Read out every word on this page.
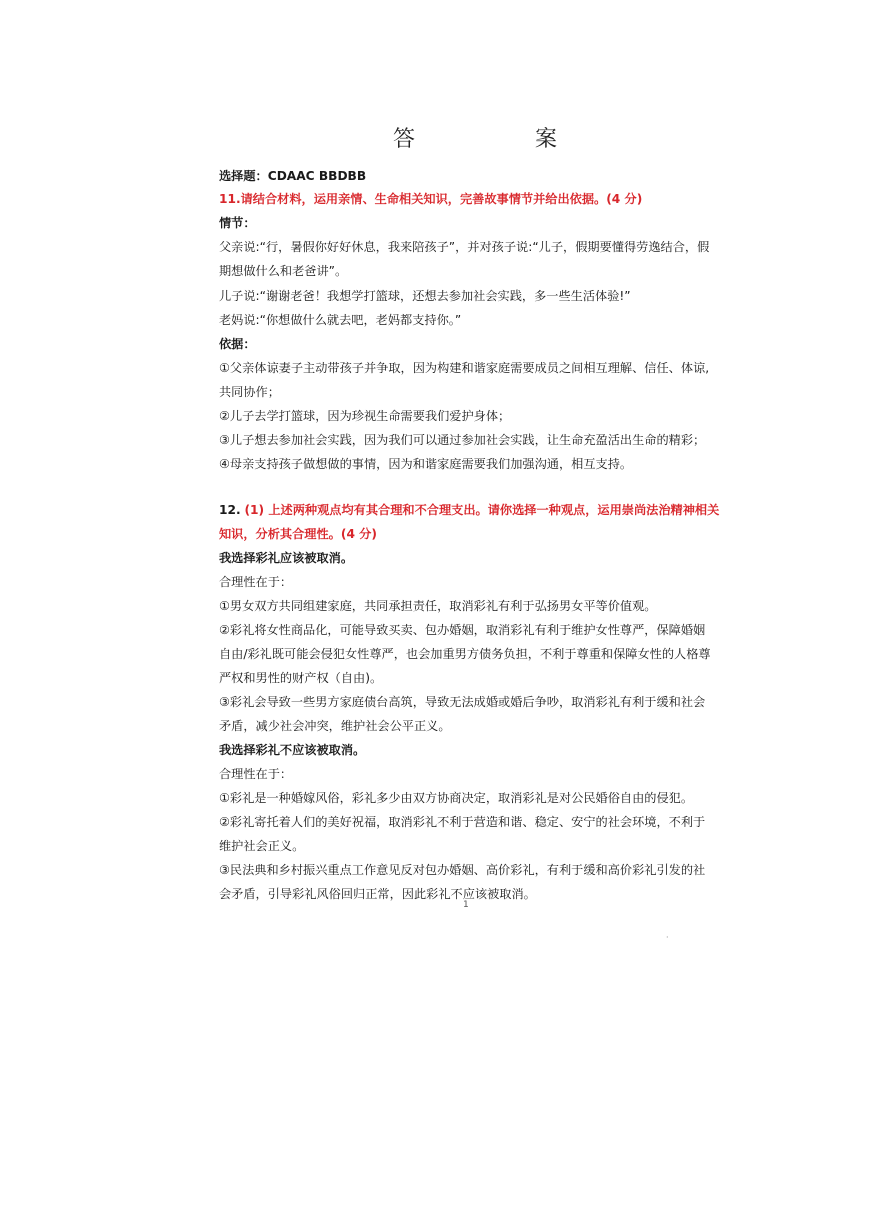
答	案
选择题：CDAAC BBDBB
11.请结合材料，运用亲情、生命相关知识，完善故事情节并给出依据。(4 分)
情节：
父亲说:“行，暑假你好好休息，我来陪孩子”，并对孩子说:“儿子，假期要懂得劳逸结合，假
期想做什么和老爸讲”。
儿子说:“谢谢老爸！我想学打篮球，还想去参加社会实践，多一些生活体验!”
老妈说:“你想做什么就去吧，老妈都支持你。”
依据：
①父亲体谅妻子主动带孩子并争取，因为构建和谐家庭需要成员之间相互理解、信任、体谅,
共同协作；
②儿子去学打篮球，因为珍视生命需要我们爱护身体；
③儿子想去参加社会实践，因为我们可以通过参加社会实践，让生命充盈活出生命的精彩；
④母亲支持孩子做想做的事情，因为和谐家庭需要我们加强沟通，相互支持。
12. (1) 上述两种观点均有其合理和不合理支出。请你选择一种观点，运用崇尚法治精神相关
知识，分析其合理性。(4 分)
我选择彩礼应该被取消。
合理性在于：
①男女双方共同组建家庭，共同承担责任，取消彩礼有利于弘扬男女平等价值观。
②彩礼将女性商品化，可能导致买卖、包办婚姻，取消彩礼有利于维护女性尊严，保障婚姻
自由/彩礼既可能会侵犯女性尊严，也会加重男方债务负担，不利于尊重和保障女性的人格尊
严权和男性的财产权（自由)。
③彩礼会导致一些男方家庭债台高筑，导致无法成婚或婚后争吵，取消彩礼有利于缓和社会
矛盾，减少社会冲突，维护社会公平正义。
我选择彩礼不应该被取消。
合理性在于：
①彩礼是一种婚嫁风俗，彩礼多少由双方协商决定，取消彩礼是对公民婚俗自由的侵犯。
②彩礼寄托着人们的美好祝福，取消彩礼不利于营造和谐、稳定、安宁的社会环境，不利于
维护社会正义。
③民法典和乡村振兴重点工作意见反对包办婚姻、高价彩礼，有利于缓和高价彩礼引发的社
会矛盾，引导彩礼风俗回归正常，因此彩礼不应该被取消。
1
·
